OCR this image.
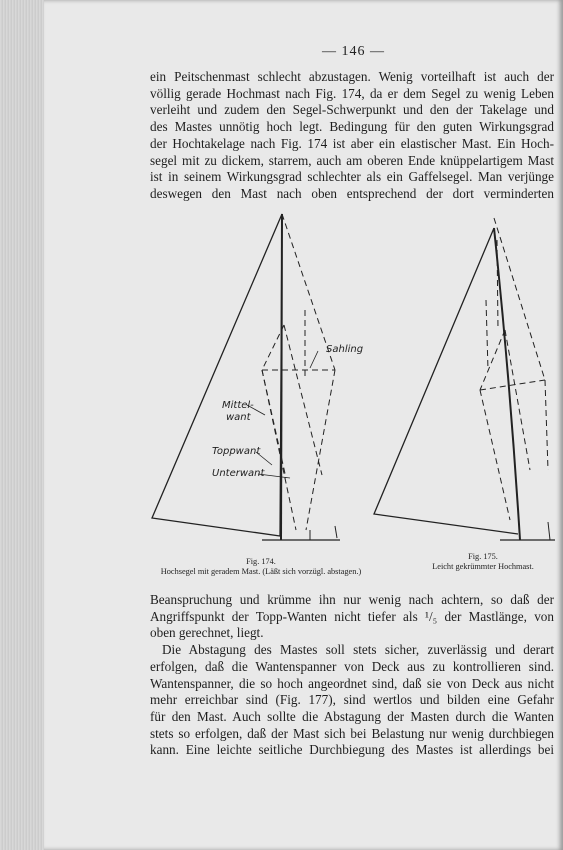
— 146 —

ein Peitschenmast schlecht abzustagen. Wenig vorteilhaft ist auch der
völlig gerade Hochmast nach Fig. 174, da er dem Segel zu wenig Leben
verleiht und zudem den Segel-Schwerpunkt und den der Takelage und
des Mastes unnötig hoch legt. Bedingung für den guten Wirkungsgrad
der Hochtakelage nach Fig. 174 ist aber ein elastischer Mast. Ein Hoch-
segel mit zu dickem, starrem, auch am oberen Ende knüppelartigem Mast
ist in seinem Wirkungsgrad schlechter als ein Gaffelsegel. Man verjünge
deswegen den Mast nach oben entsprechend der dort verminderten

Sahling
Mittel-
want
Toppwant
Unterwant
Fig. 174.
Hochsegel mit geradem Mast. (Läßt sich vorzügl. abstagen.)
Fig. 175.
Leicht gekrümmter Hochmast.

Beanspruchung und krümme ihn nur wenig nach achtern, so daß der
Angriffspunkt der Topp-Wanten nicht tiefer als ¹/₅ der Mastlänge, von
oben gerechnet, liegt.
Die Abstagung des Mastes soll stets sicher, zuverlässig und derart
erfolgen, daß die Wantenspanner von Deck aus zu kontrollieren sind.
Wantenspanner, die so hoch angeordnet sind, daß sie von Deck aus nicht
mehr erreichbar sind (Fig. 177), sind wertlos und bilden eine Gefahr
für den Mast. Auch sollte die Abstagung der Masten durch die Wanten
stets so erfolgen, daß der Mast sich bei Belastung nur wenig durchbiegen
kann. Eine leichte seitliche Durchbiegung des Mastes ist allerdings bei
